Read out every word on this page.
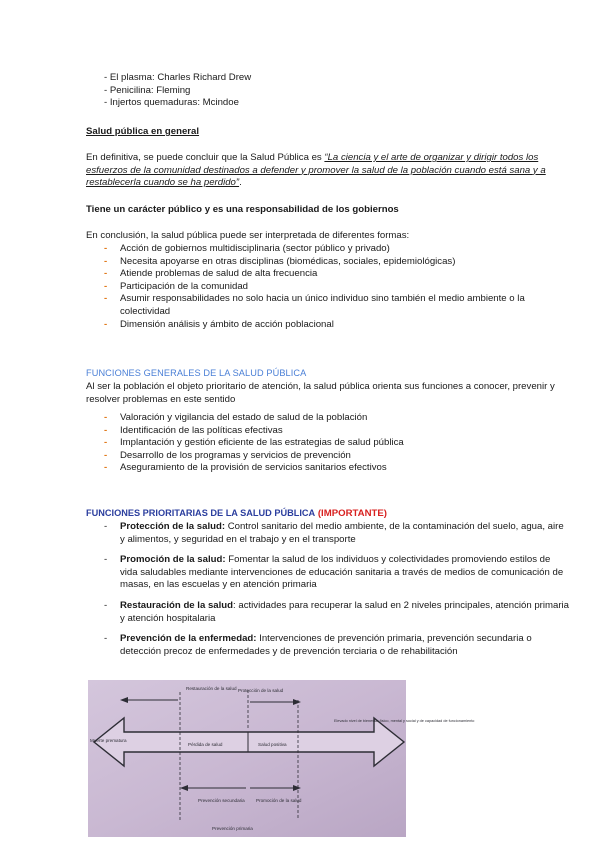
- El plasma: Charles Richard Drew
- Penicilina: Fleming
- Injertos quemaduras: Mcindoe
Salud pública en general
En definitiva, se puede concluir que la Salud Pública es “La ciencia y el arte de organizar y dirigir todos los esfuerzos de la comunidad destinados a defender y promover la salud de la población cuando está sana y a restablecerla cuando se ha perdido”.
Tiene un carácter público y es una responsabilidad de los gobiernos
En conclusión, la salud pública puede ser interpretada de diferentes formas:
- Acción de gobiernos multidisciplinaria (sector público y privado)
- Necesita apoyarse en otras disciplinas (biomédicas, sociales, epidemiológicas)
- Atiende problemas de salud de alta frecuencia
- Participación de la comunidad
- Asumir responsabilidades no solo hacia un único individuo sino también el medio ambiente o la colectividad
- Dimensión análisis y ámbito de acción poblacional
FUNCIONES GENERALES DE LA SALUD PÚBLICA
Al ser la población el objeto prioritario de atención, la salud pública orienta sus funciones a conocer, prevenir y resolver problemas en este sentido
- Valoración y vigilancia del estado de salud de la población
- Identificación de las políticas efectivas
- Implantación y gestión eficiente de las estrategias de salud pública
- Desarrollo de los programas y servicios de prevención
- Aseguramiento de la provisión de servicios sanitarios efectivos
FUNCIONES PRIORITARIAS DE LA SALUD PÚBLICA (IMPORTANTE)
- Protección de la salud: Control sanitario del medio ambiente, de la contaminación del suelo, agua, aire y alimentos, y seguridad en el trabajo y en el transporte
- Promoción de la salud: Fomentar la salud de los individuos y colectividades promoviendo estilos de vida saludables mediante intervenciones de educación sanitaria a través de medios de comunicación de masas, en las escuelas y en atención primaria
- Restauración de la salud: actividades para recuperar la salud en 2 niveles principales, atención primaria y atención hospitalaria
- Prevención de la enfermedad: Intervenciones de prevención primaria, prevención secundaria o detección precoz de enfermedades y de prevención terciaria o de rehabilitación
Restauración de la salud Protección de la salud
Muerte prematura
Pérdida de salud	Salud positiva
Elevado nivel de bienestar físico, mental y social y de capacidad de funcionamiento
Prevención secundaria Promoción de la salud
Prevención primaria
